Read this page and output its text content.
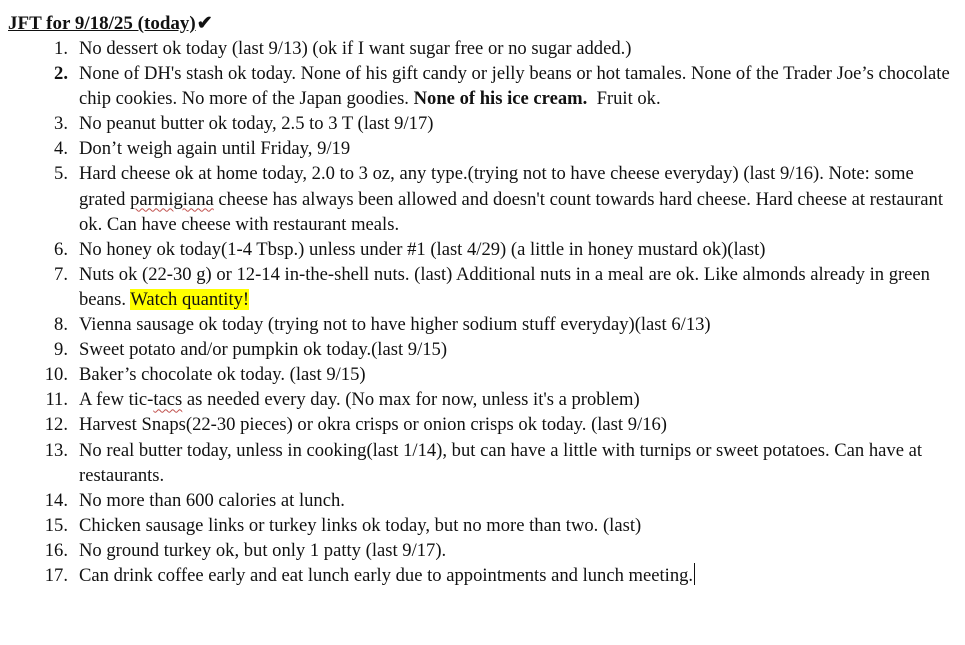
JFT for 9/18/25 (today)✔
1. No dessert ok today (last 9/13) (ok if I want sugar free or no sugar added.)
2. None of DH's stash ok today. None of his gift candy or jelly beans or hot tamales. None of the Trader Joe’s chocolate chip cookies. No more of the Japan goodies. None of his ice cream.  Fruit ok.
3. No peanut butter ok today, 2.5 to 3 T (last 9/17)
4. Don’t weigh again until Friday, 9/19
5. Hard cheese ok at home today, 2.0 to 3 oz, any type.(trying not to have cheese everyday) (last 9/16). Note: some grated parmigiana cheese has always been allowed and doesn't count towards hard cheese. Hard cheese at restaurant ok. Can have cheese with restaurant meals.
6. No honey ok today(1-4 Tbsp.) unless under #1 (last 4/29) (a little in honey mustard ok)(last)
7. Nuts ok (22-30 g) or 12-14 in-the-shell nuts. (last) Additional nuts in a meal are ok. Like almonds already in green beans. Watch quantity!
8. Vienna sausage ok today (trying not to have higher sodium stuff everyday)(last 6/13)
9. Sweet potato and/or pumpkin ok today.(last 9/15)
10. Baker’s chocolate ok today. (last 9/15)
11. A few tic-tacs as needed every day. (No max for now, unless it's a problem)
12. Harvest Snaps(22-30 pieces) or okra crisps or onion crisps ok today. (last 9/16)
13. No real butter today, unless in cooking(last 1/14), but can have a little with turnips or sweet potatoes. Can have at restaurants.
14. No more than 600 calories at lunch.
15. Chicken sausage links or turkey links ok today, but no more than two. (last)
16. No ground turkey ok, but only 1 patty (last 9/17).
17. Can drink coffee early and eat lunch early due to appointments and lunch meeting.
